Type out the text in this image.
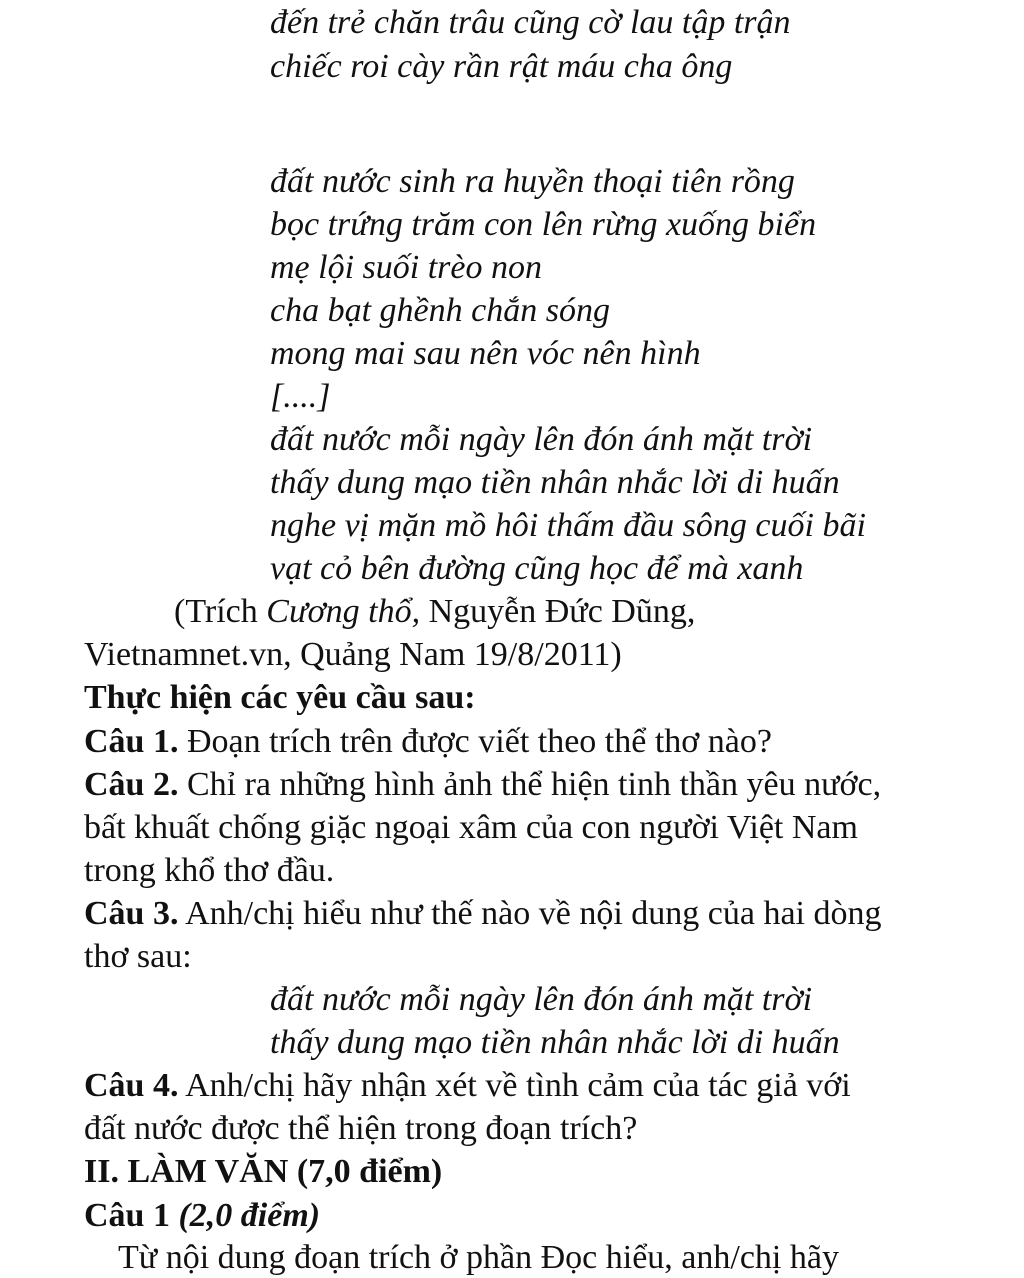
đến trẻ chăn trâu cũng cờ lau tập trận
chiếc roi cày rần rật máu cha ông
đất nước sinh ra huyền thoại tiên rồng
bọc trứng trăm con lên rừng xuống biển
mẹ lội suối trèo non
cha bạt ghềnh chắn sóng
mong mai sau nên vóc nên hình
[....]
đất nước mỗi ngày lên đón ánh mặt trời
thấy dung mạo tiền nhân nhắc lời di huấn
nghe vị mặn mồ hôi thấm đầu sông cuối bãi
vạt cỏ bên đường cũng học để mà xanh
(Trích Cương thổ, Nguyễn Đức Dũng,
Vietnamnet.vn, Quảng Nam 19/8/2011)
Thực hiện các yêu cầu sau:
Câu 1. Đoạn trích trên được viết theo thể thơ nào?
Câu 2. Chỉ ra những hình ảnh thể hiện tinh thần yêu nước,
bất khuất chống giặc ngoại xâm của con người Việt Nam
trong khổ thơ đầu.
Câu 3. Anh/chị hiểu như thế nào về nội dung của hai dòng
thơ sau:
đất nước mỗi ngày lên đón ánh mặt trời
thấy dung mạo tiền nhân nhắc lời di huấn
Câu 4. Anh/chị hãy nhận xét về tình cảm của tác giả với
đất nước được thể hiện trong đoạn trích?
II. LÀM VĂN (7,0 điểm)
Câu 1 (2,0 điểm)
Từ nội dung đoạn trích ở phần Đọc hiểu, anh/chị hãy
